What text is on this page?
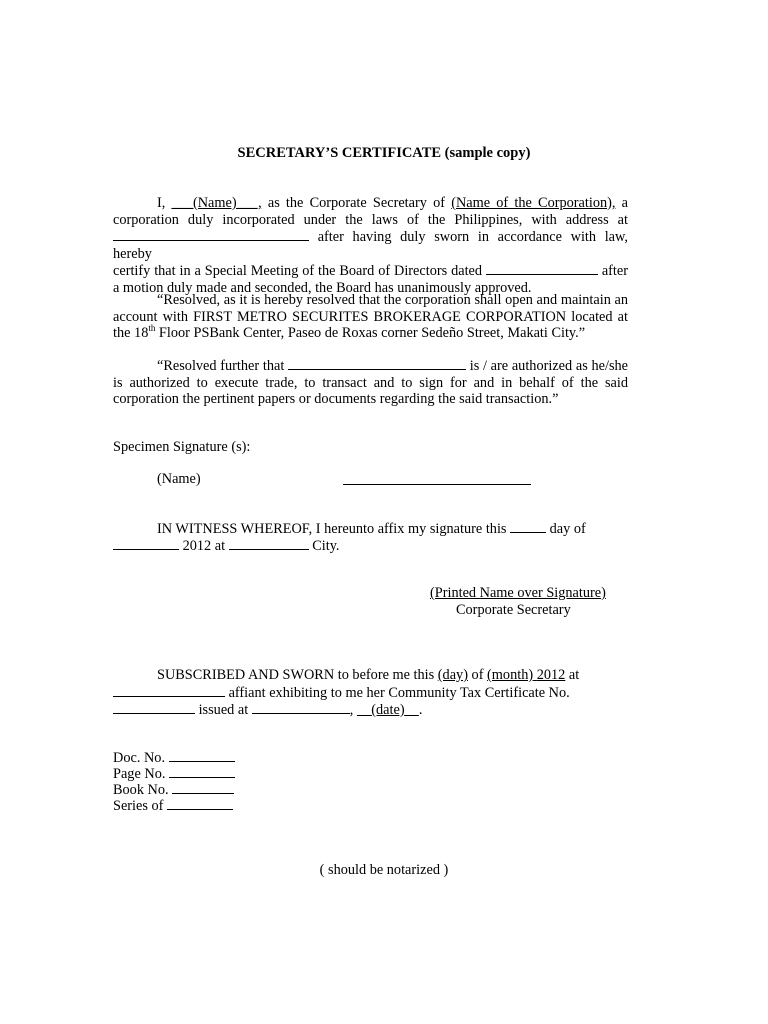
SECRETARY’S CERTIFICATE (sample copy)
I, ___(Name)___, as the Corporate Secretary of (Name of the Corporation), a
corporation duly incorporated under the laws of the Philippines, with address at
after having duly sworn in accordance with law, hereby
certify that in a Special Meeting of the Board of Directors dated	after
a motion duly made and seconded, the Board has unanimously approved.
“Resolved, as it is hereby resolved that the corporation shall open and maintain an
account with FIRST METRO SECURITES BROKERAGE CORPORATION located at
the 18th Floor PSBank Center, Paseo de Roxas corner Sedeño Street, Makati City.”
“Resolved further that	is / are authorized as he/she
is authorized to execute trade, to transact and to sign for and in behalf of the said
corporation the pertinent papers or documents regarding the said transaction.”
Specimen Signature (s):
(Name)
IN WITNESS WHEREOF, I hereunto affix my signature this	day of
2012 at	City.
(Printed Name over Signature)
Corporate Secretary
SUBSCRIBED AND SWORN to before me this (day) of (month) 2012 at
affiant exhibiting to me her Community Tax Certificate No.
issued at	, (date) .
Doc. No.
Page No.
Book No.
Series of
( should be notarized )
